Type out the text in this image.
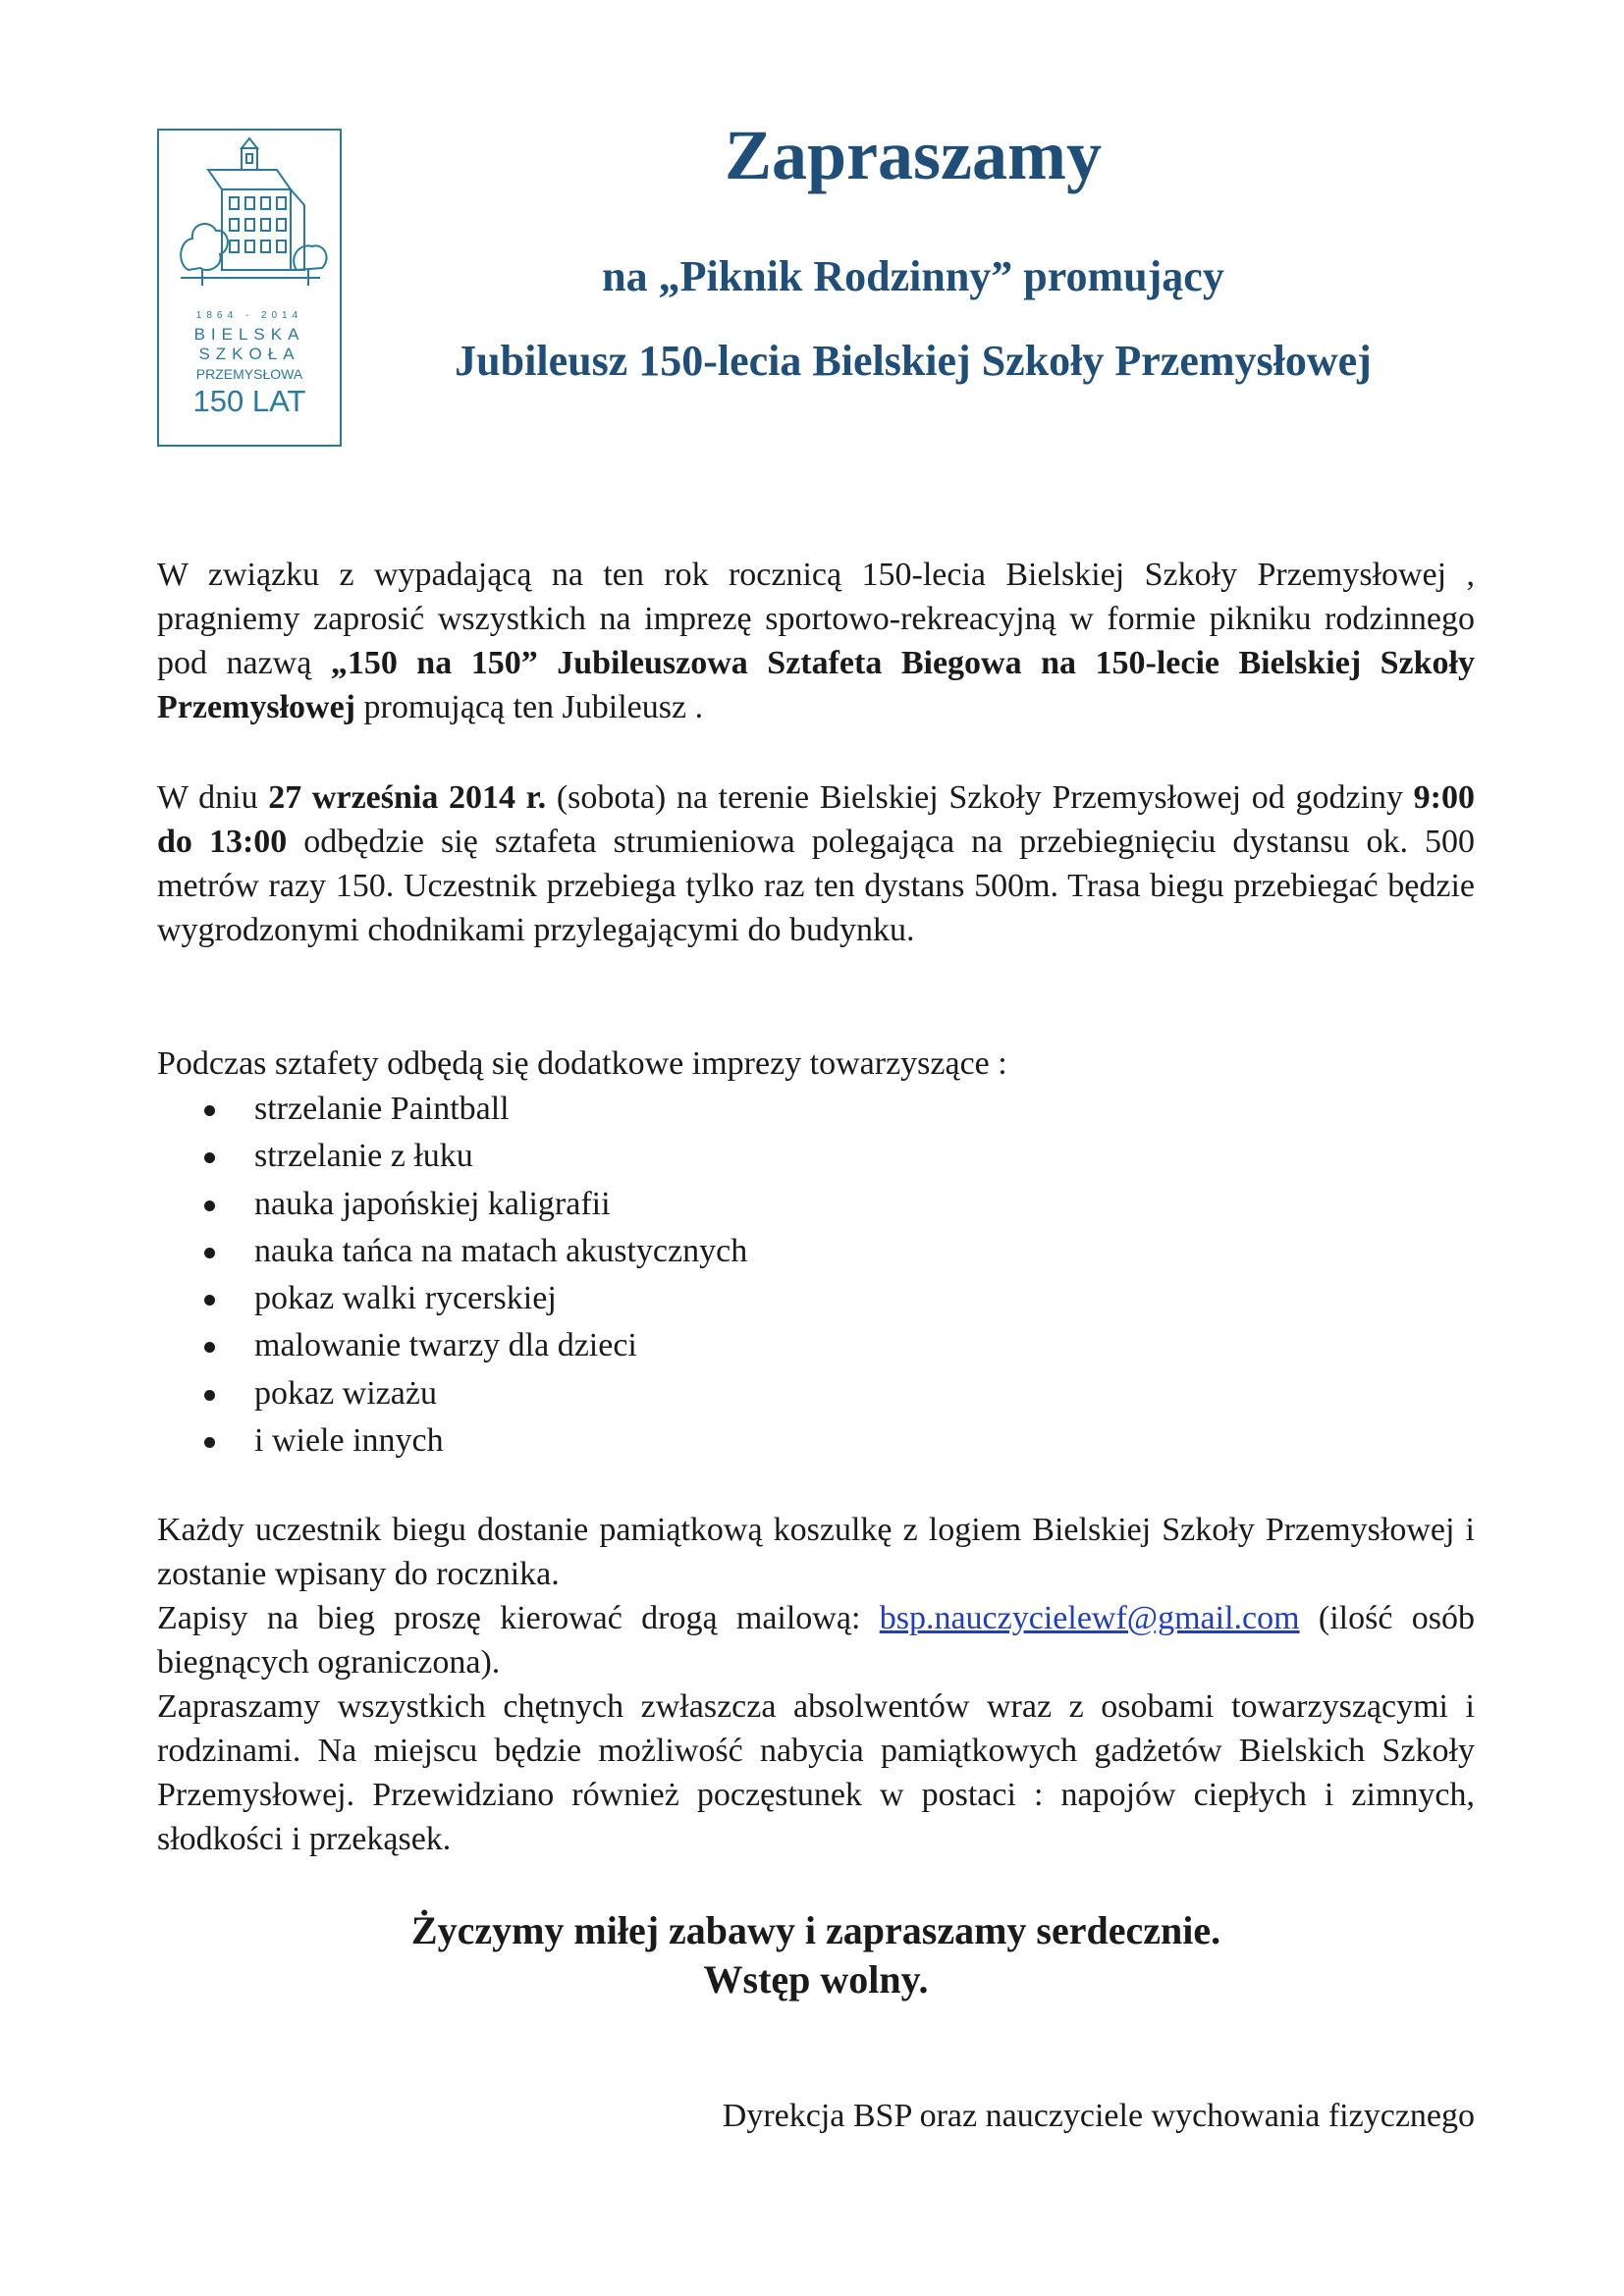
1864 - 2014
BIELSKA
SZKOŁA
PRZEMYSŁOWA
150 LAT
Zapraszamy
na „Piknik Rodzinny” promujący
Jubileusz 150-lecia Bielskiej Szkoły Przemysłowej
W związku z wypadającą na ten rok rocznicą 150-lecia Bielskiej Szkoły Przemysłowej , pragniemy zaprosić wszystkich na imprezę sportowo-rekreacyjną w formie pikniku rodzinnego pod nazwą „150 na 150” Jubileuszowa Sztafeta Biegowa na 150-lecie Bielskiej Szkoły Przemysłowej promującą ten Jubileusz .
W dniu 27 września 2014 r. (sobota) na terenie Bielskiej Szkoły Przemysłowej od godziny 9:00 do 13:00 odbędzie się sztafeta strumieniowa polegająca na przebiegnięciu dystansu ok. 500 metrów razy 150. Uczestnik przebiega tylko raz ten dystans 500m. Trasa biegu przebiegać będzie wygrodzonymi chodnikami przylegającymi do budynku.
Podczas sztafety odbędą się dodatkowe imprezy towarzyszące :
strzelanie Paintball
strzelanie z łuku
nauka japońskiej kaligrafii
nauka tańca na matach akustycznych
pokaz walki rycerskiej
malowanie twarzy dla dzieci
pokaz wizażu
i wiele innych
Każdy uczestnik biegu dostanie pamiątkową koszulkę z logiem Bielskiej Szkoły Przemysłowej i zostanie wpisany do rocznika.
Zapisy na bieg proszę kierować drogą mailową: bsp.nauczycielewf@gmail.com (ilość osób biegnących ograniczona).
Zapraszamy wszystkich chętnych zwłaszcza absolwentów wraz z osobami towarzyszącymi i rodzinami. Na miejscu będzie możliwość nabycia pamiątkowych gadżetów Bielskich Szkoły Przemysłowej. Przewidziano również poczęstunek w postaci : napojów ciepłych i zimnych, słodkości i przekąsek.
Życzymy miłej zabawy i zapraszamy serdecznie.
Wstęp wolny.
Dyrekcja BSP oraz nauczyciele wychowania fizycznego
